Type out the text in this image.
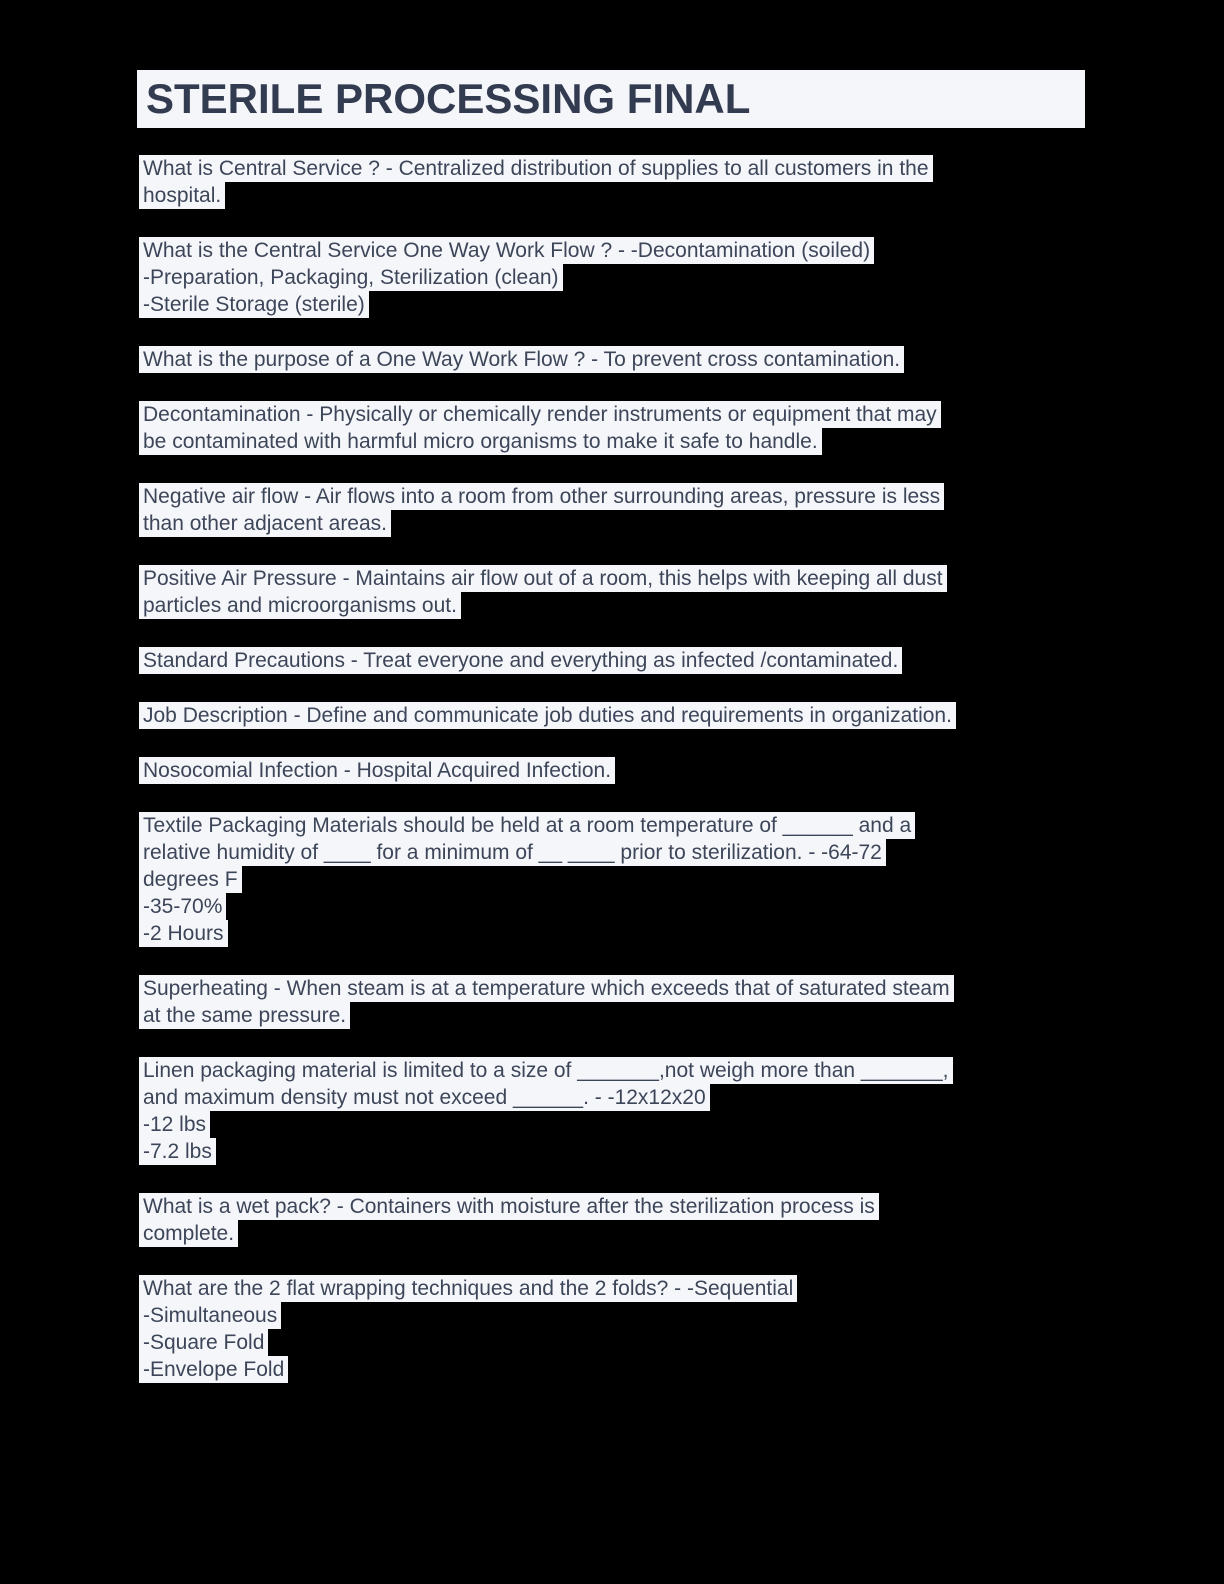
STERILE PROCESSING FINAL
What is Central Service ? - Centralized distribution of supplies to all customers in the
hospital.
What is the Central Service One Way Work Flow ? - -Decontamination (soiled)
-Preparation, Packaging, Sterilization (clean)
-Sterile Storage (sterile)
What is the purpose of a One Way Work Flow ? - To prevent cross contamination.
Decontamination - Physically or chemically render instruments or equipment that may
be contaminated with harmful micro organisms to make it safe to handle.
Negative air flow - Air flows into a room from other surrounding areas, pressure is less
than other adjacent areas.
Positive Air Pressure - Maintains air flow out of a room, this helps with keeping all dust
particles and microorganisms out.
Standard Precautions - Treat everyone and everything as infected /contaminated.
Job Description - Define and communicate job duties and requirements in organization.
Nosocomial Infection - Hospital Acquired Infection.
Textile Packaging Materials should be held at a room temperature of ______ and a
relative humidity of ____ for a minimum of __ ____ prior to sterilization. - -64-72
degrees F
-35-70%
-2 Hours
Superheating - When steam is at a temperature which exceeds that of saturated steam
at the same pressure.
Linen packaging material is limited to a size of _______,not weigh more than _______,
and maximum density must not exceed ______. - -12x12x20
-12 lbs
-7.2 lbs
What is a wet pack? - Containers with moisture after the sterilization process is
complete.
What are the 2 flat wrapping techniques and the 2 folds? - -Sequential
-Simultaneous
-Square Fold
-Envelope Fold
